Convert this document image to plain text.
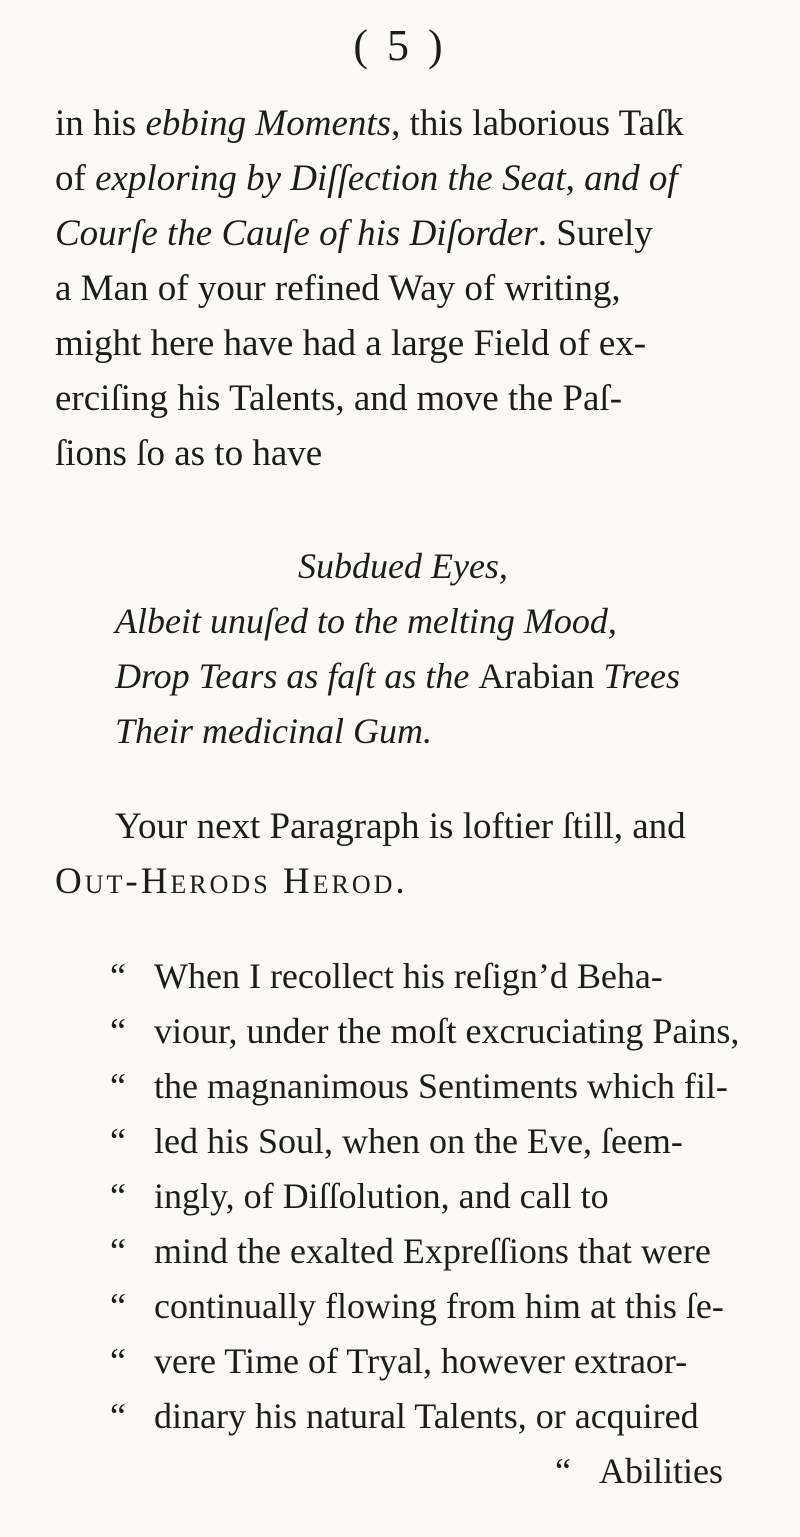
( 5 )
in his ebbing Moments, this laborious Taſk
of exploring by Diſſection the Seat, and of
Courſe the Cauſe of his Diſorder. Surely
a Man of your refined Way of writing,
might here have had a large Field of ex-
erciſing his Talents, and move the Paſ-
ſions ſo as to have
Subdued Eyes,
Albeit unuſed to the melting Mood,
Drop Tears as faſt as the Arabian Trees
Their medicinal Gum.
Your next Paragraph is loftier ſtill, and
Out-Herods Herod.
“ When I recollect his reſign’d Beha-
“ viour, under the moſt excruciating Pains,
“ the magnanimous Sentiments which fil-
“ led his Soul, when on the Eve, ſeem-
“ ingly, of Diſſolution, and call to
“ mind the exalted Expreſſions that were
“ continually flowing from him at this ſe-
“ vere Time of Tryal, however extraor-
“ dinary his natural Talents, or acquired
“ Abilities
